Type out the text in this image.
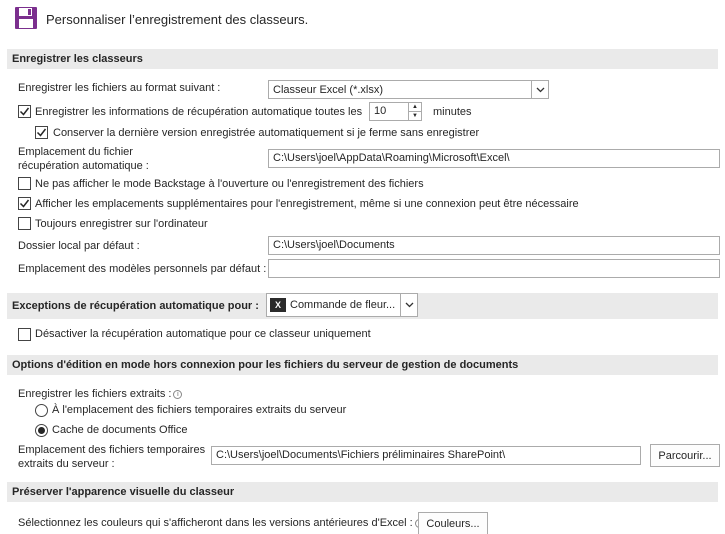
Personnaliser l’enregistrement des classeurs.
Enregistrer les classeurs
Enregistrer les fichiers au format suivant :	Classeur Excel (*.xlsx)
Enregistrer les informations de récupération automatique toutes les	10	▲
▼ minutes
Conserver la dernière version enregistrée automatiquement si je ferme sans enregistrer
Emplacement du fichier
récupération automatique :
C:\Users\joel\AppData\Roaming\Microsoft\Excel\
Ne pas afficher le mode Backstage à l'ouverture ou l'enregistrement des fichiers
Afficher les emplacements supplémentaires pour l'enregistrement, même si une connexion peut être nécessaire
Toujours enregistrer sur l'ordinateur
Dossier local par défaut :	C:\Users\joel\Documents
Emplacement des modèles personnels par défaut :
Exceptions de récupération automatique pour :	X Commande de fleur...
Désactiver la récupération automatique pour ce classeur uniquement
Options d'édition en mode hors connexion pour les fichiers du serveur de gestion de documents
Enregistrer les fichiers extraits : i
À l'emplacement des fichiers temporaires extraits du serveur
Cache de documents Office
Emplacement des fichiers temporaires
extraits du serveur :
C:\Users\joel\Documents\Fichiers préliminaires SharePoint\	Parcourir...
Préserver l'apparence visuelle du classeur
Sélectionnez les couleurs qui s'afficheront dans les versions antérieures d'Excel :	Couleurs...
